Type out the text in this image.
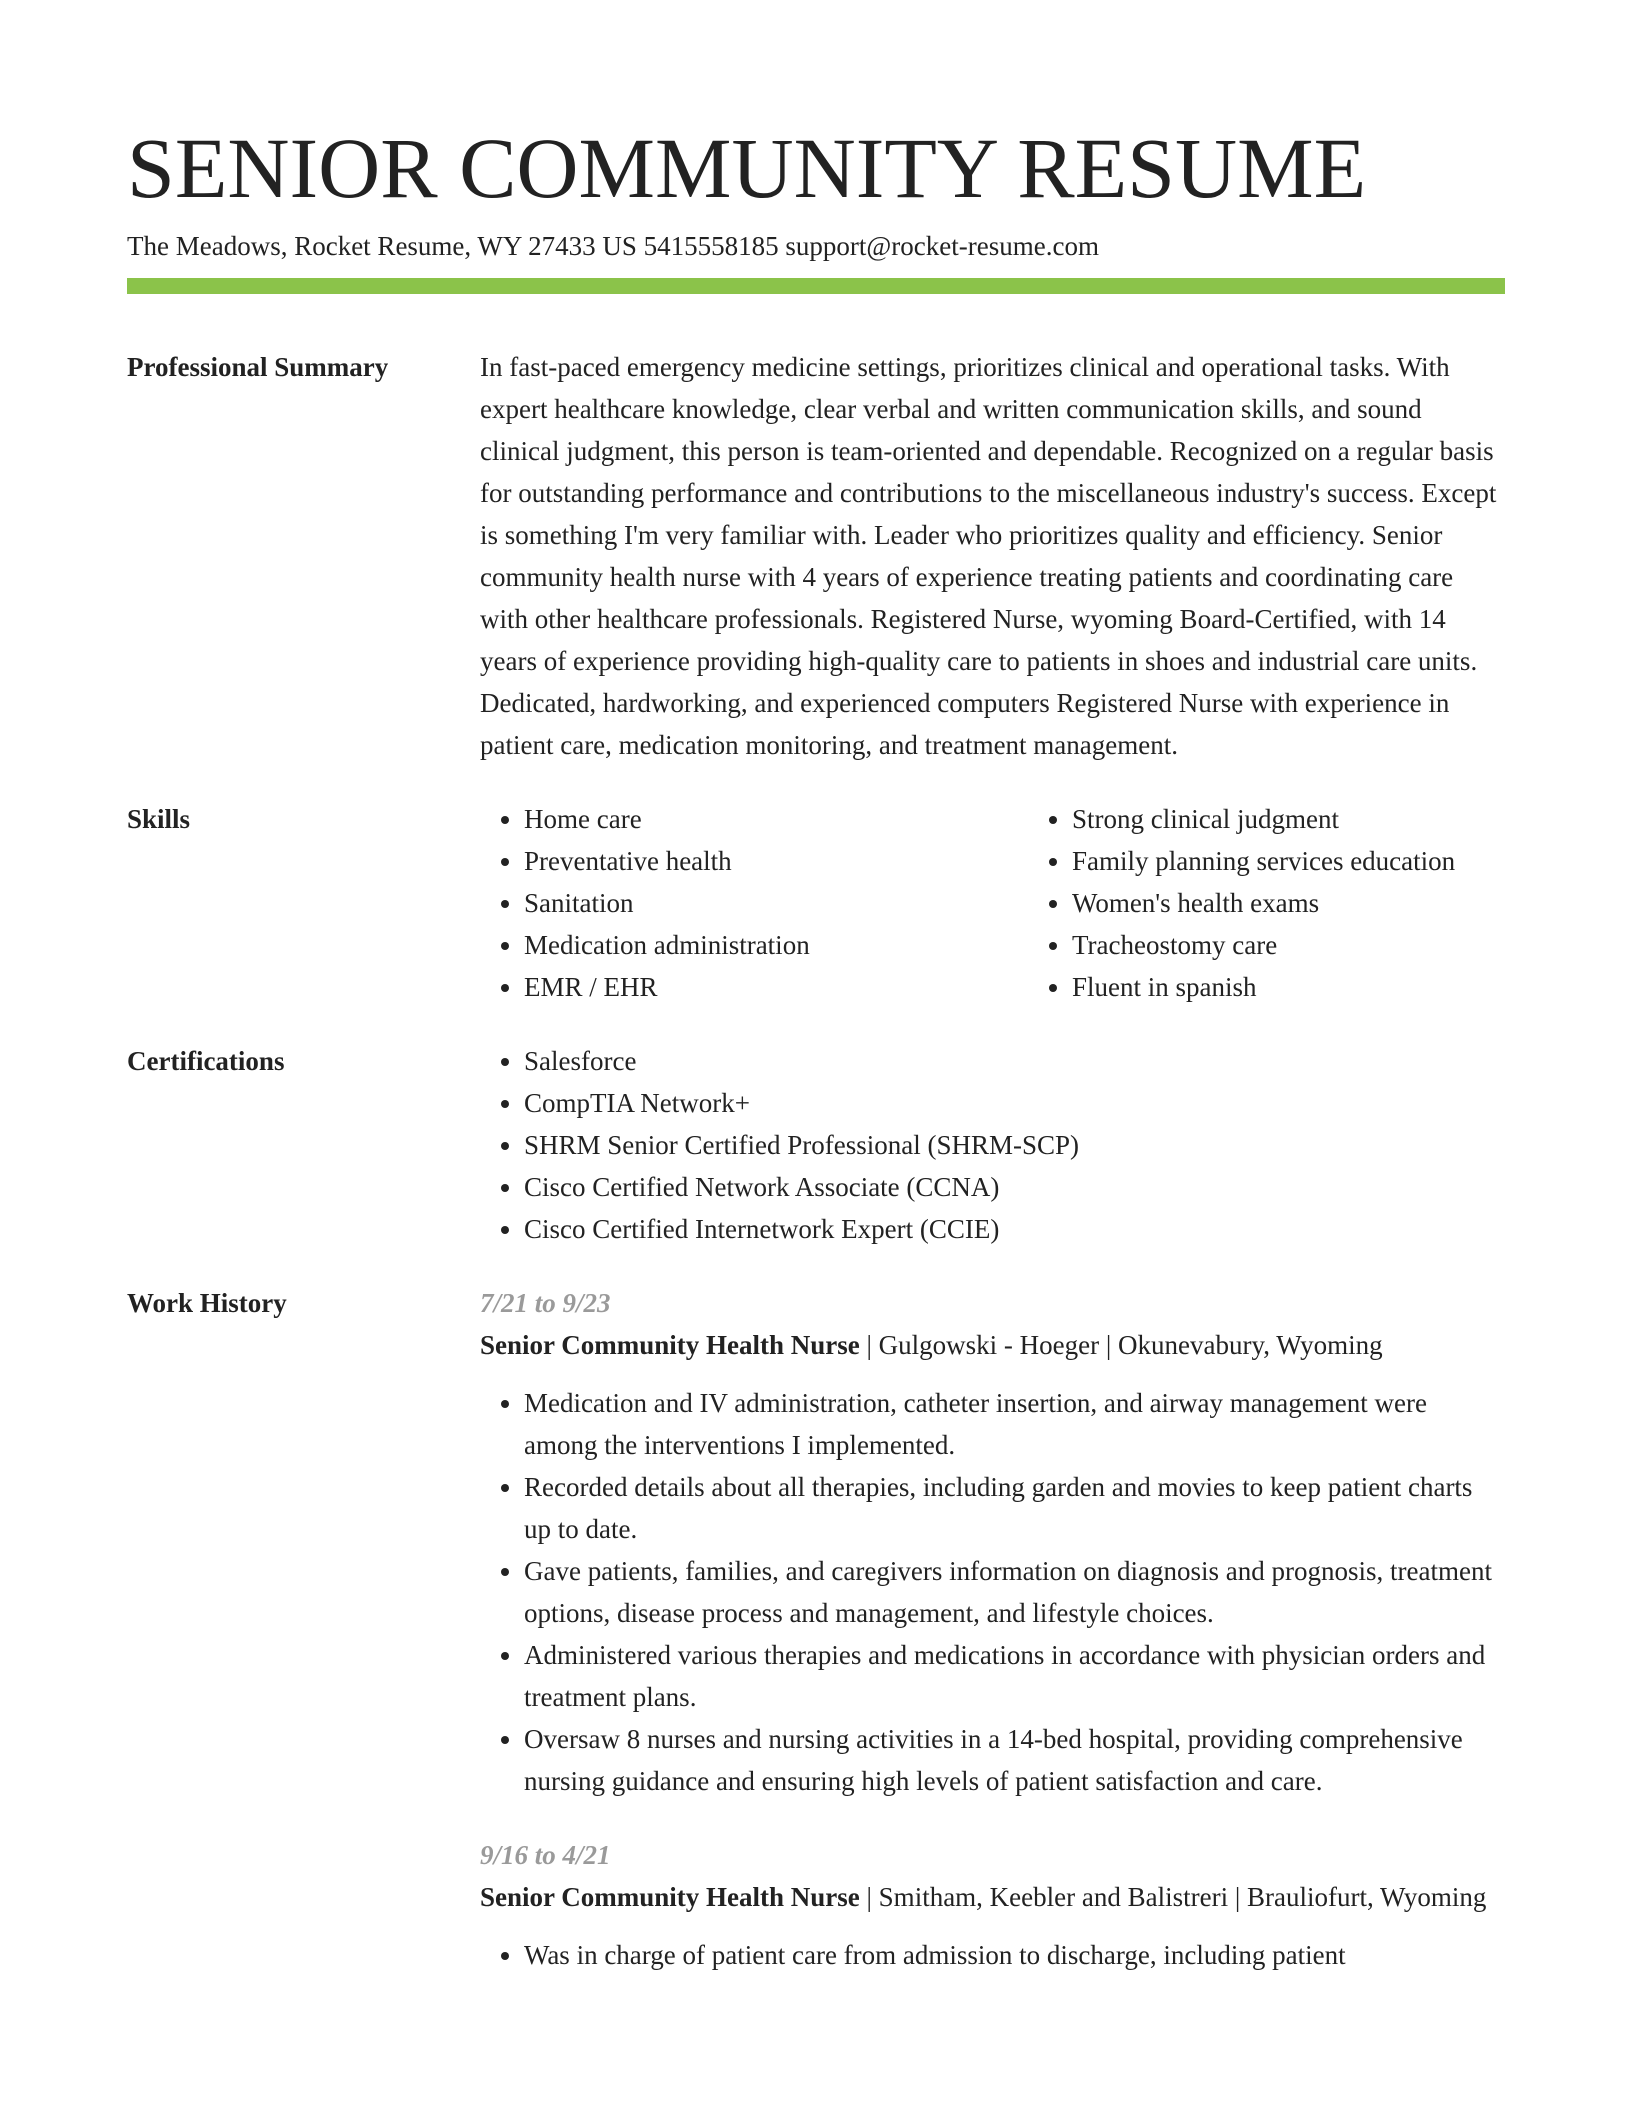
SENIOR COMMUNITY RESUME
The Meadows, Rocket Resume, WY 27433 US 5415558185 support@rocket-resume.com
Professional Summary	In fast-paced emergency medicine settings, prioritizes clinical and operational tasks. With expert healthcare knowledge, clear verbal and written communication skills, and sound clinical judgment, this person is team-oriented and dependable. Recognized on a regular basis for outstanding performance and contributions to the miscellaneous industry's success. Except is something I'm very familiar with. Leader who prioritizes quality and efficiency. Senior community health nurse with 4 years of experience treating patients and coordinating care with other healthcare professionals. Registered Nurse, wyoming Board-Certified, with 14 years of experience providing high-quality care to patients in shoes and industrial care units. Dedicated, hardworking, and experienced computers Registered Nurse with experience in patient care, medication monitoring, and treatment management.
Skills	• Home care
• Preventative health
• Sanitation
• Medication administration
• EMR / EHR
• Strong clinical judgment
• Family planning services education
• Women's health exams
• Tracheostomy care
• Fluent in spanish
Certifications	• Salesforce
• CompTIA Network+
• SHRM Senior Certified Professional (SHRM-SCP)
• Cisco Certified Network Associate (CCNA)
• Cisco Certified Internetwork Expert (CCIE)
Work History	7/21 to 9/23
Senior Community Health Nurse | Gulgowski - Hoeger | Okunevabury, Wyoming
• Medication and IV administration, catheter insertion, and airway management were among the interventions I implemented.
• Recorded details about all therapies, including garden and movies to keep patient charts up to date.
• Gave patients, families, and caregivers information on diagnosis and prognosis, treatment options, disease process and management, and lifestyle choices.
• Administered various therapies and medications in accordance with physician orders and treatment plans.
• Oversaw 8 nurses and nursing activities in a 14-bed hospital, providing comprehensive nursing guidance and ensuring high levels of patient satisfaction and care.
9/16 to 4/21
Senior Community Health Nurse | Smitham, Keebler and Balistreri | Brauliofurt, Wyoming
• Was in charge of patient care from admission to discharge, including patient
